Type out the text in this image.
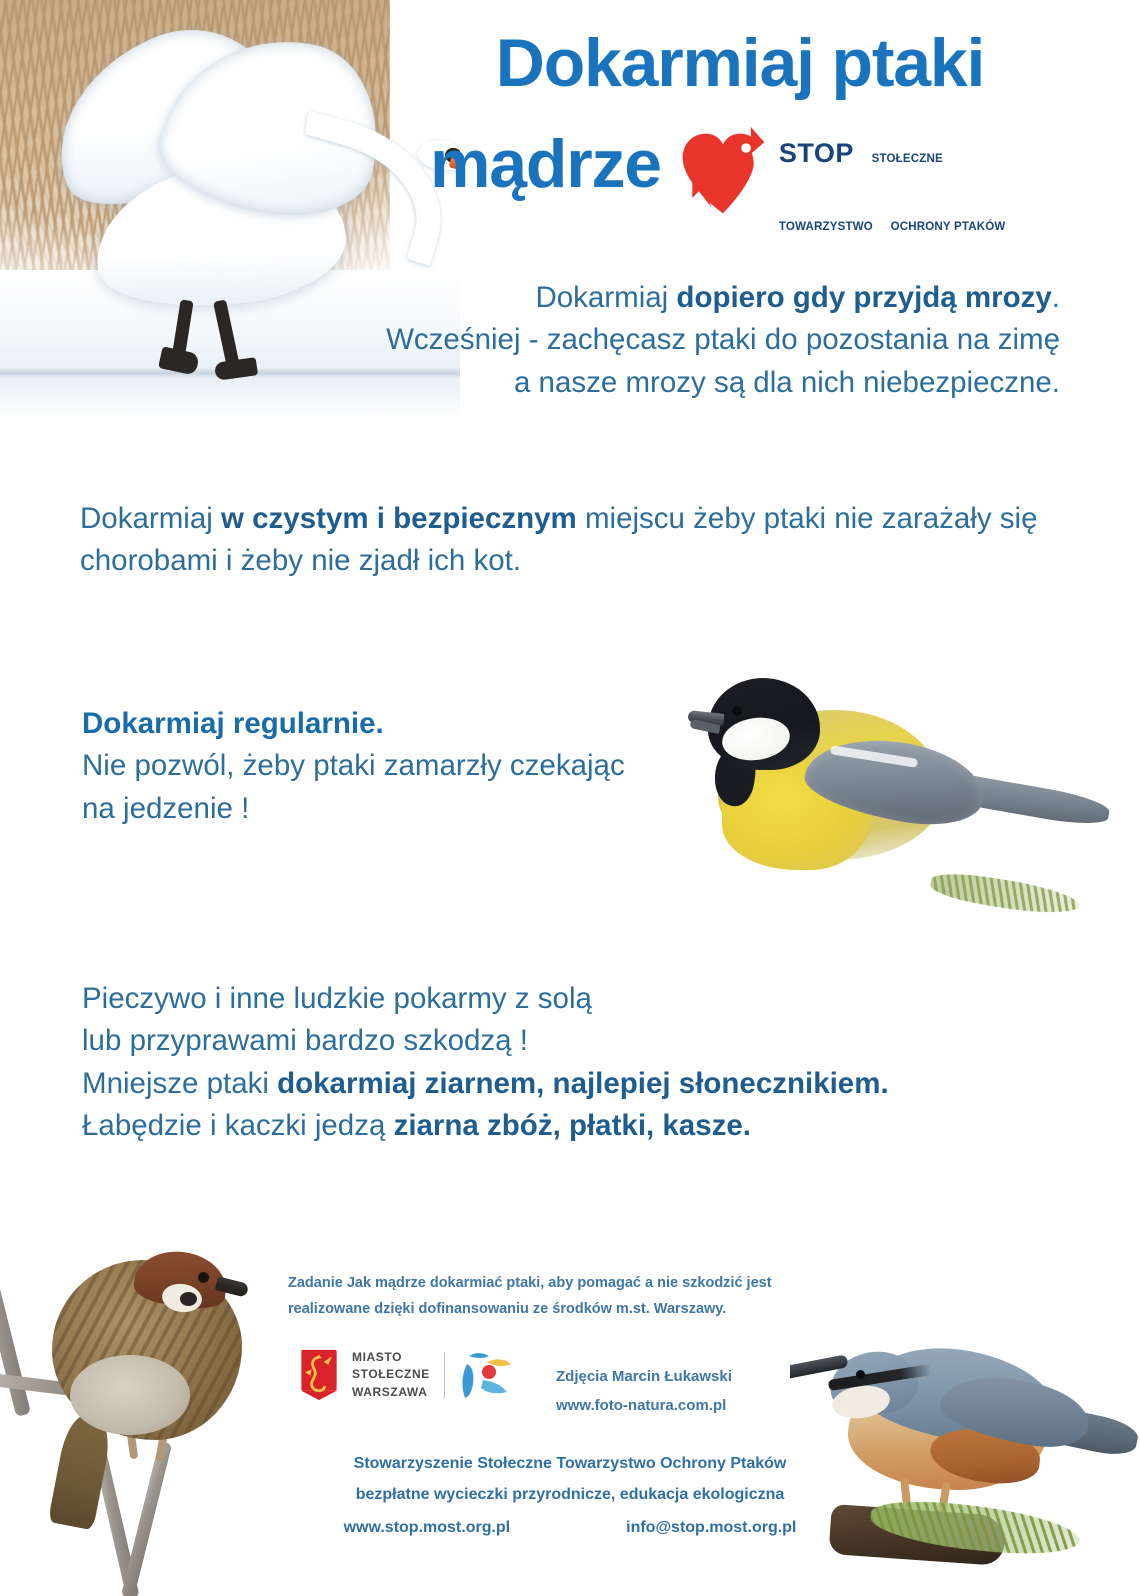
Dokarmiaj ptaki
mądrze	STOP STOŁECZNE TOWARZYSTWO OCHRONY PTAKÓW
Dokarmiaj dopiero gdy przyjdą mrozy.
Wcześniej - zachęcasz ptaki do pozostania na zimę
a nasze mrozy są dla nich niebezpieczne.
Dokarmiaj w czystym i bezpiecznym miejscu żeby ptaki nie zarażały się chorobami i żeby nie zjadł ich kot.
Dokarmiaj regularnie.
Nie pozwól, żeby ptaki zamarzły czekając na jedzenie !
Pieczywo i inne ludzkie pokarmy z solą
lub przyprawami bardzo szkodzą !
Mniejsze ptaki dokarmiaj ziarnem, najlepiej słonecznikiem.
Łabędzie i kaczki jedzą ziarna zbóż, płatki, kasze.
Zadanie Jak mądrze dokarmiać ptaki, aby pomagać a nie szkodzić jest
realizowane dzięki dofinansowaniu ze środków m.st. Warszawy.
MIASTO
STOŁECZNE
WARSZAWA
Zdjęcia Marcin Łukawski
www.foto-natura.com.pl
Stowarzyszenie Stołeczne Towarzystwo Ochrony Ptaków
bezpłatne wycieczki przyrodnicze, edukacja ekologiczna
www.stop.most.org.pl	info@stop.most.org.pl
